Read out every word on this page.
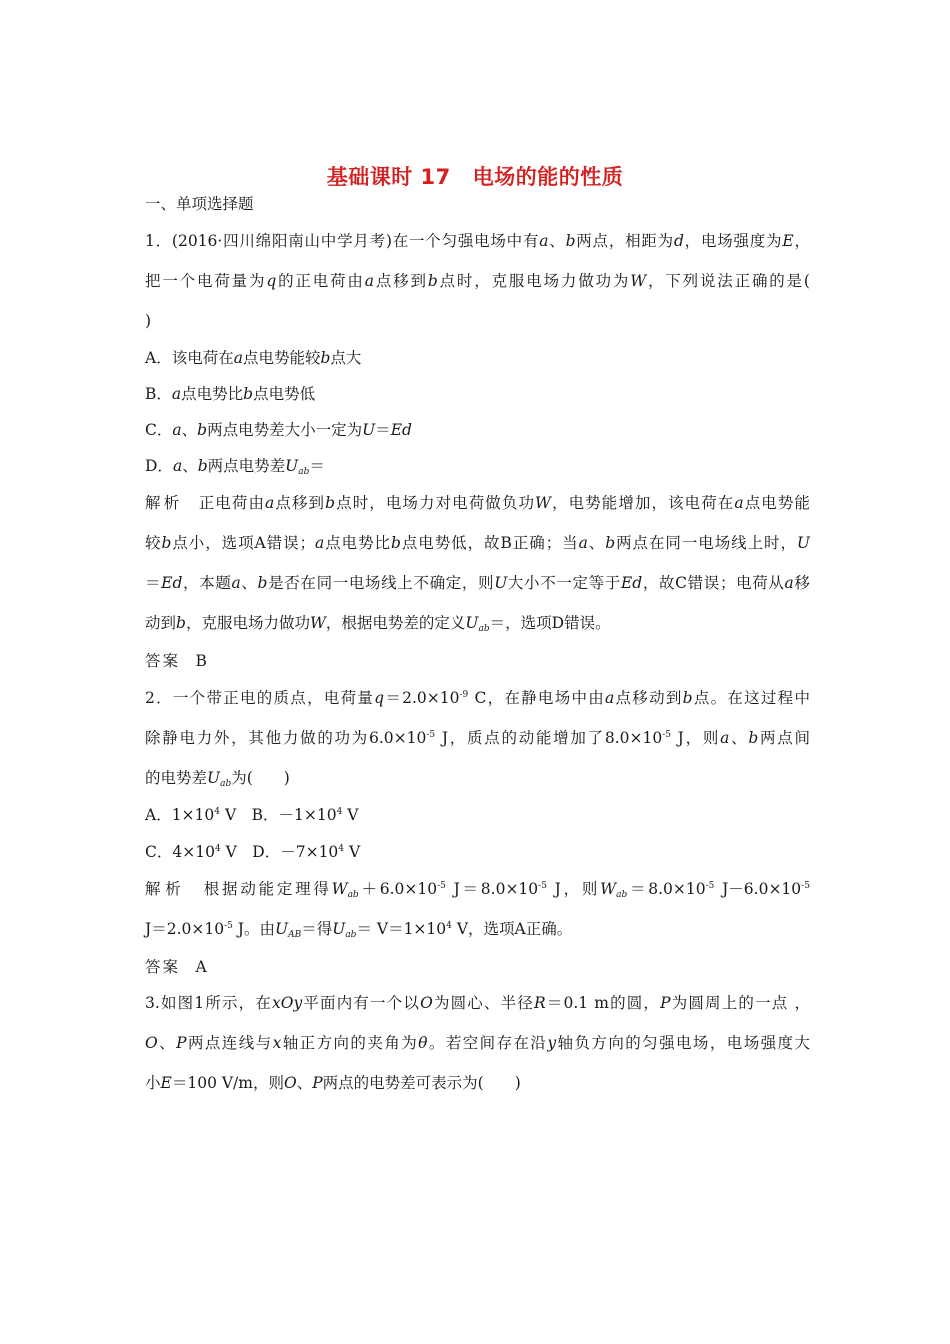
基础课时 17 电场的能的性质
一、单项选择题
1．(2016·四川绵阳南山中学月考)在一个匀强电场中有a、b两点，相距为d，电场强度为E，
把一个电荷量为q的正电荷由a点移到b点时，克服电场力做功为W，下列说法正确的是(
)
A．该电荷在a点电势能较b点大
B．a点电势比b点电势低
C．a、b两点电势差大小一定为U＝Ed
D．a、b两点电势差$U_{ab}=$
解析　 正电荷由a点移到b点时，电场力对电荷做负功W，电势能增加，该电荷在a点电势能
较b点小，选项A错误；a点电势比b点电势低，故B正确；当a、b两点在同一电场线上时，U
＝Ed，本题a、b是否在同一电场线上不确定，则U大小不一定等于Ed，故C错误；电荷从a移
动到b，克服电场力做功W，根据电势差的定义$U_{ab}=$，选项D错误。
答案　 B
2．一个带正电的质点，电荷量$q=2.0\times 10^{-9}$ C，在静电场中由a点移动到b点。在这过程中
除静电力外，其他力做的功为$6.0\times 10^{-5}$ J，质点的动能增加了$8.0\times 10^{-5}$ J，则a、b两点间
的电势差$U_{ab}$为(　　)
A．$1\times 10^4$ V　B．$-1\times 10^4$ V
C．$4\times 10^4$ V　D．$-7\times 10^4$ V
解析　 根据动能定理得$W_{ab}+6.0\times 10^{-5}$ $J=8.0\times 10^{-5}$ J，则$W_{ab}=8.0\times 10^{-5}$ $J-6.0\times 10^{-5}$
$J=2.0\times 10^{-5}$ J。由$U_{AB}=$得$U_{ab}= V=1\times 10^4$ V，选项A正确。
答案　 A
3.如图1所示，在xOy平面内有一个以O为圆心、半径R＝0.1 m的圆，P为圆周上的一点 ，
O、P两点连线与x轴正方向的夹角为θ。若空间存在沿y轴负方向的匀强电场，电场强度大
小E＝100 V/m，则O、P两点的电势差可表示为(　　)
